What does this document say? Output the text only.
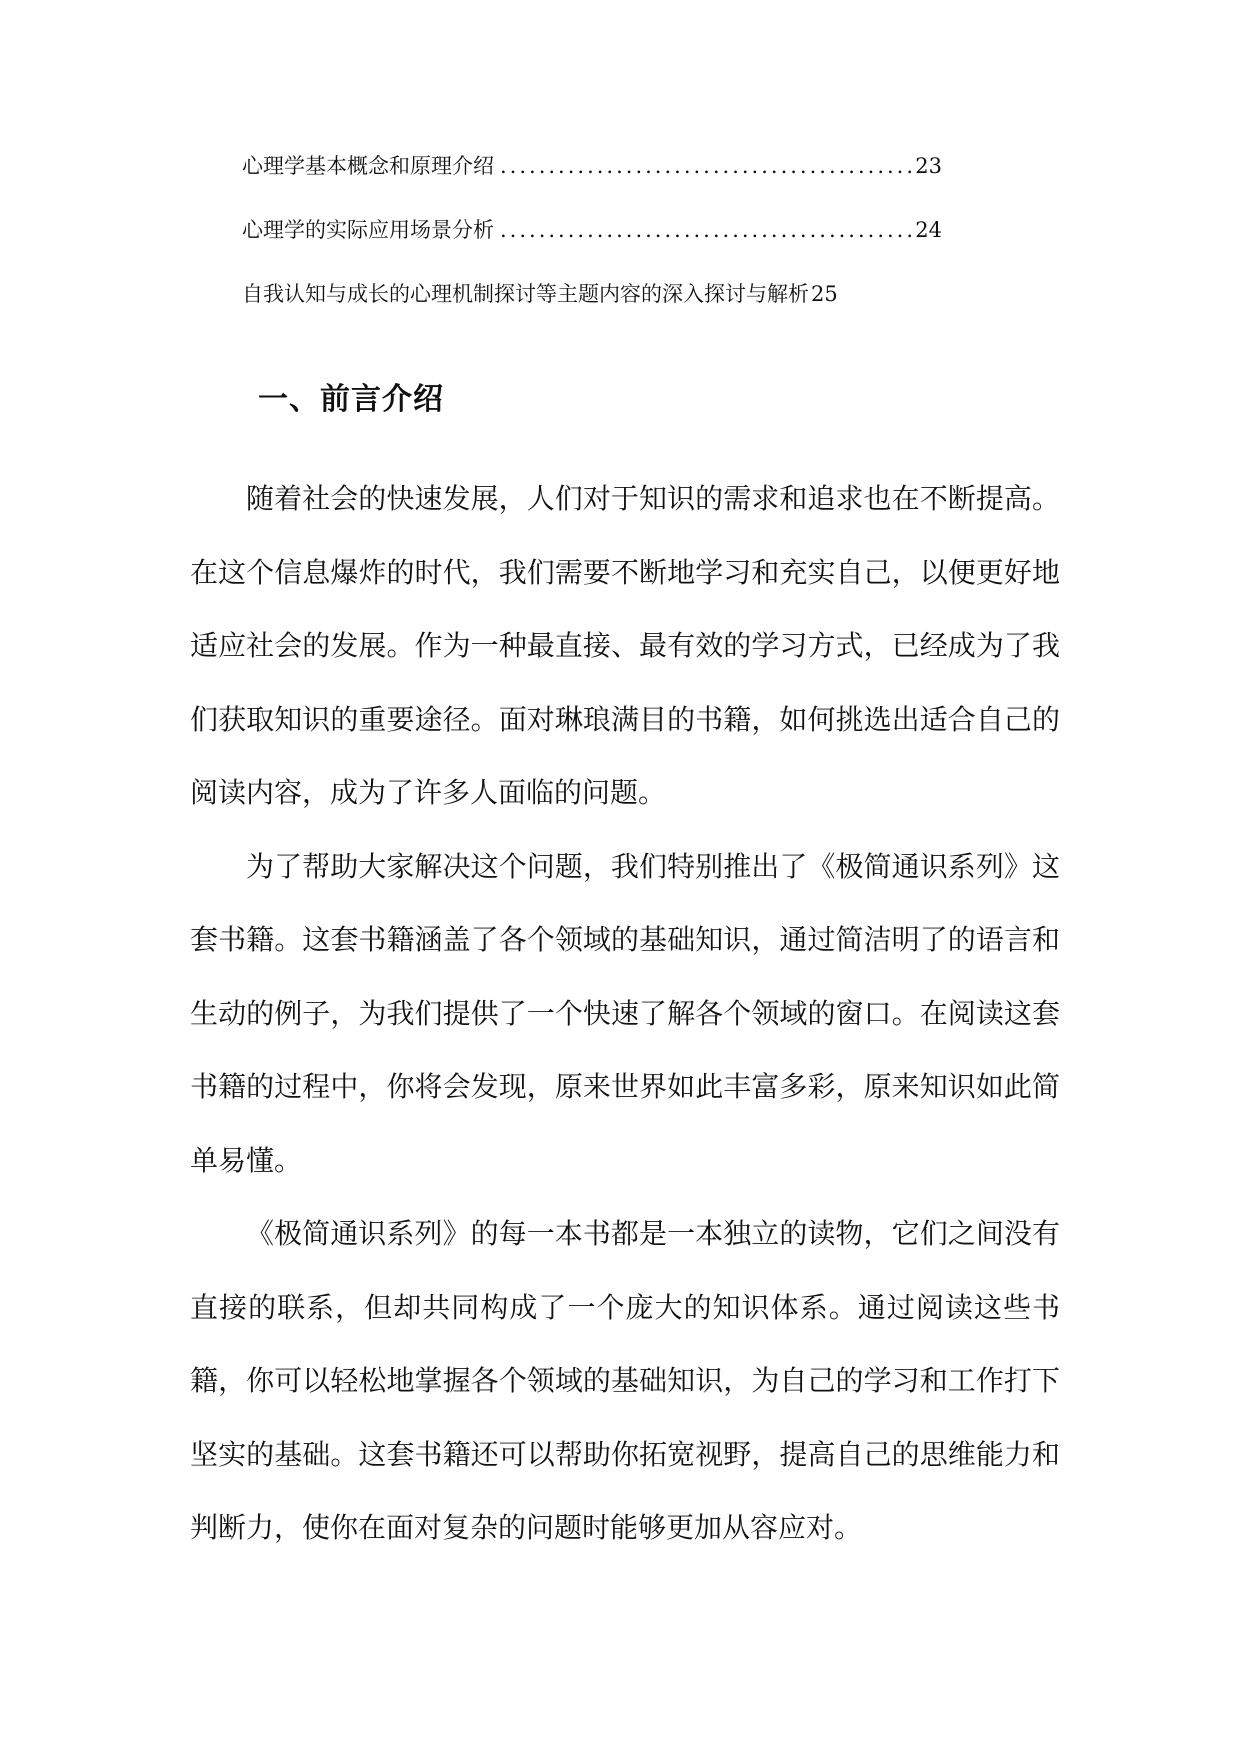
心理学基本概念和原理介绍 .....	23
心理学的实际应用场景分析 .....	24
自我认知与成长的心理机制探讨等主题内容的深入探讨与解析 25
一、前言介绍

随着社会的快速发展，人们对于知识的需求和追求也在不断提高。在这个信息爆炸的时代，我们需要不断地学习和充实自己，以便更好地适应社会的发展。作为一种最直接、最有效的学习方式，已经成为了我们获取知识的重要途径。面对琳琅满目的书籍，如何挑选出适合自己的阅读内容，成为了许多人面临的问题。

为了帮助大家解决这个问题，我们特别推出了《极简通识系列》这套书籍。这套书籍涵盖了各个领域的基础知识，通过简洁明了的语言和生动的例子，为我们提供了一个快速了解各个领域的窗口。在阅读这套书籍的过程中，你将会发现，原来世界如此丰富多彩，原来知识如此简单易懂。

《极简通识系列》的每一本书都是一本独立的读物，它们之间没有直接的联系，但却共同构成了一个庞大的知识体系。通过阅读这些书籍，你可以轻松地掌握各个领域的基础知识，为自己的学习和工作打下坚实的基础。这套书籍还可以帮助你拓宽视野，提高自己的思维能力和判断力，使你在面对复杂的问题时能够更加从容应对。
